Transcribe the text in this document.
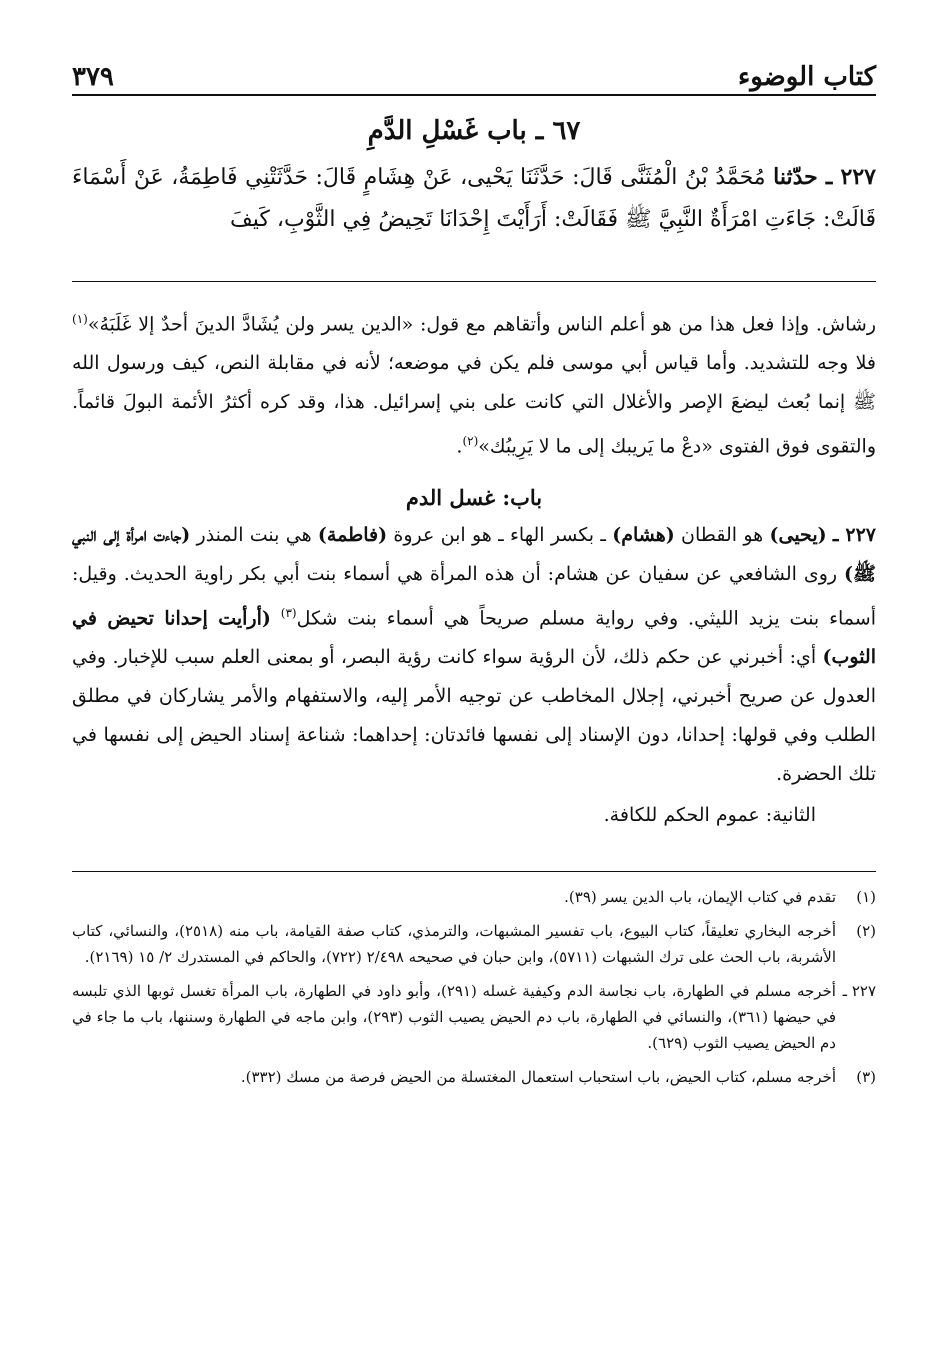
كتاب الوضوء
٣٧٩
٦٧ ـ باب غَسْلِ الدَّمِ

٢٢٧ ـ حدّثنا مُحَمَّدُ بْنُ الْمُثَنَّى قَالَ: حَدَّثَنَا يَحْيى، عَنْ هِشَامٍ قَالَ: حَدَّثَتْنِي فَاطِمَةُ، عَنْ أَسْمَاءَ قَالَتْ: جَاءَتِ امْرَأَةٌ النَّبِيَّ ﷺ فَقَالَتْ: أَرَأَيْتَ إِحْدَانَا تَحِيضُ فِي الثَّوْبِ، كَيفَ

رشاش. وإذا فعل هذا من هو أعلم الناس وأتقاهم مع قول: «الدين يسر ولن يُشَادَّ الدينَ أحدٌ إلا غَلَبَهُ»$^{(١)}$ فلا وجه للتشديد. وأما قياس أبي موسى فلم يكن في موضعه؛ لأنه في مقابلة النص، كيف ورسول الله ﷺ إنما بُعث ليضعَ الإصر والأغلال التي كانت على بني إسرائيل. هذا، وقد كره أكثرُ الأئمة البولَ قائماً. والتقوى فوق الفتوى «دعْ ما يَريبك إلى ما لا يَرِيبُك»$^{(٢)}$.

باب: غسل الدم

٢٢٧ ـ (يحيى) هو القطان (هشام) ـ بكسر الهاء ـ هو ابن عروة (فاطمة) هي بنت المنذر (جاءت امرأة إلى النبي ﷺ) روى الشافعي عن سفيان عن هشام: أن هذه المرأة هي أسماء بنت أبي بكر راوية الحديث. وقيل: أسماء بنت يزيد الليثي. وفي رواية مسلم صريحاً هي أسماء بنت شكل$^{(٣)}$ (أرأيت إحدانا تحيض في الثوب) أي: أخبرني عن حكم ذلك، لأن الرؤية سواء كانت رؤية البصر، أو بمعنى العلم سبب للإخبار. وفي العدول عن صريح أخبرني، إجلال المخاطب عن توجيه الأمر إليه، والاستفهام والأمر يشاركان في مطلق الطلب وفي قولها: إحدانا، دون الإسناد إلى نفسها فائدتان: إحداهما: شناعة إسناد الحيض إلى نفسها في تلك الحضرة.

الثانية: عموم الحكم للكافة.

(١)
تقدم في كتاب الإيمان، باب الدين يسر (٣٩).
(٢)
أخرجه البخاري تعليقاً، كتاب البيوع، باب تفسير المشبهات، والترمذي، كتاب صفة القيامة، باب منه (٢٥١٨)، والنسائي، كتاب الأشربة، باب الحث على ترك الشبهات (٥٧١١)، وابن حبان في صحيحه ٢/٤٩٨ (٧٢٢)، والحاكم في المستدرك ٢/ ١٥ (٢١٦٩).
٢٢٧ ـ
أخرجه مسلم في الطهارة، باب نجاسة الدم وكيفية غسله (٢٩١)، وأبو داود في الطهارة، باب المرأة تغسل ثوبها الذي تلبسه في حيضها (٣٦١)، والنسائي في الطهارة، باب دم الحيض يصيب الثوب (٢٩٣)، وابن ماجه في الطهارة وسننها، باب ما جاء في دم الحيض يصيب الثوب (٦٢٩).
(٣)
أخرجه مسلم، كتاب الحيض، باب استحباب استعمال المغتسلة من الحيض فرصة من مسك (٣٣٢).
